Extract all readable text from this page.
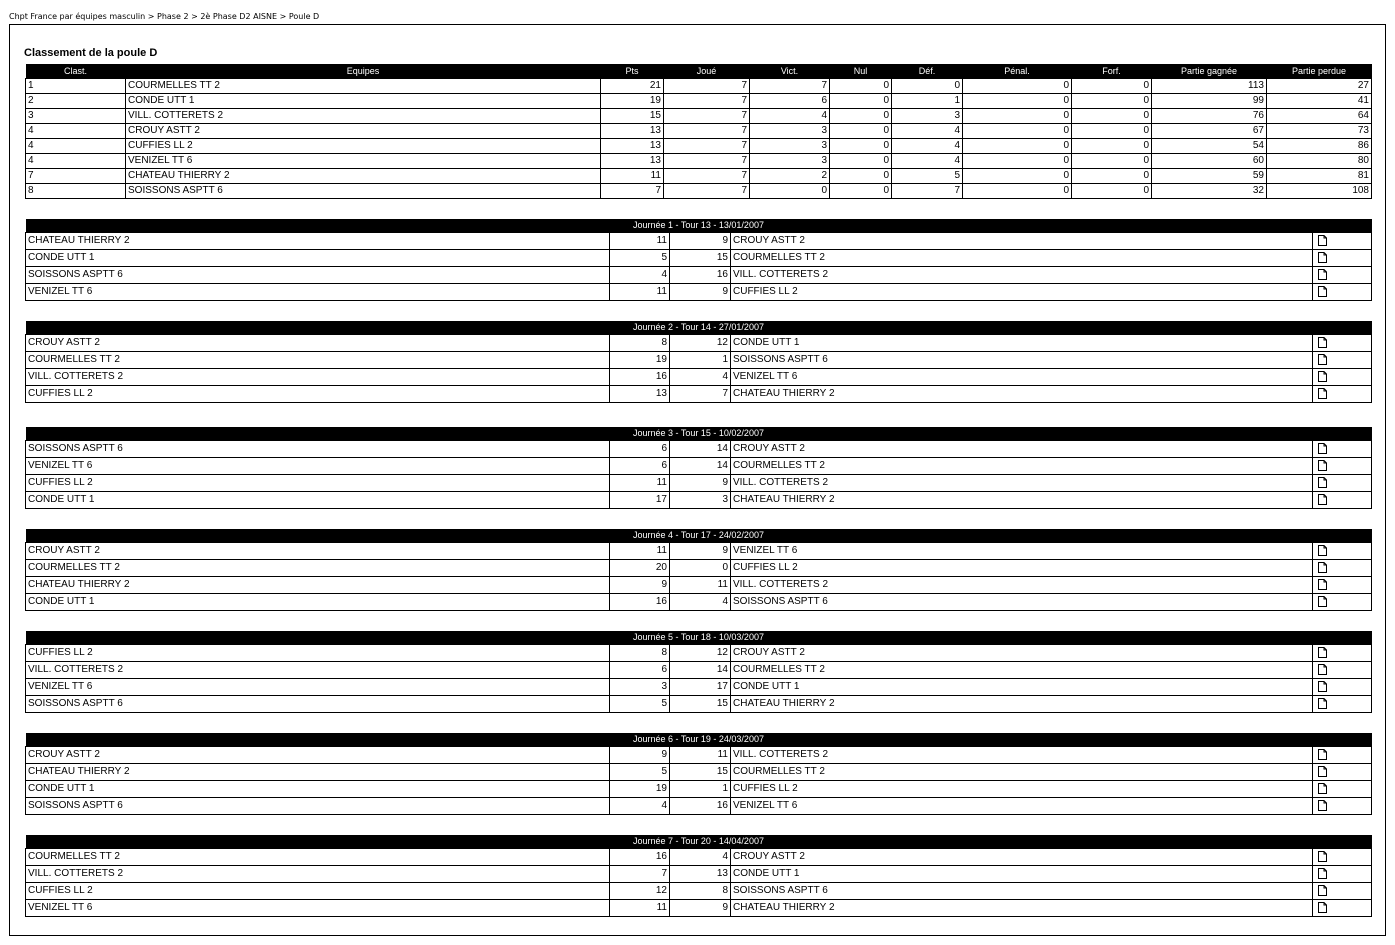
Chpt France par équipes masculin > Phase 2 > 2è Phase D2 AISNE > Poule D
Classement de la poule D
Clast.	Equipes	Pts	Joué	Vict.	Nul	Déf.	Pénal.	Forf.	Partie gagnée	Partie perdue
1	COURMELLES TT 2	21	7	7	0	0	0	0	113	27
2	CONDE UTT 1	19	7	6	0	1	0	0	99	41
3	VILL. COTTERETS 2	15	7	4	0	3	0	0	76	64
4	CROUY ASTT 2	13	7	3	0	4	0	0	67	73
4	CUFFIES LL 2	13	7	3	0	4	0	0	54	86
4	VENIZEL TT 6	13	7	3	0	4	0	0	60	80
7	CHATEAU THIERRY 2	11	7	2	0	5	0	0	59	81
8	SOISSONS ASPTT 6	7	7	0	0	7	0	0	32	108
Journée 1 - Tour 13 - 13/01/2007				
CHATEAU THIERRY 2	11	9	CROUY ASTT 2	
CONDE UTT 1	5	15	COURMELLES TT 2	
SOISSONS ASPTT 6	4	16	VILL. COTTERETS 2	
VENIZEL TT 6	11	9	CUFFIES LL 2	
Journée 2 - Tour 14 - 27/01/2007				
CROUY ASTT 2	8	12	CONDE UTT 1	
COURMELLES TT 2	19	1	SOISSONS ASPTT 6	
VILL. COTTERETS 2	16	4	VENIZEL TT 6	
CUFFIES LL 2	13	7	CHATEAU THIERRY 2	
Journée 3 - Tour 15 - 10/02/2007				
SOISSONS ASPTT 6	6	14	CROUY ASTT 2	
VENIZEL TT 6	6	14	COURMELLES TT 2	
CUFFIES LL 2	11	9	VILL. COTTERETS 2	
CONDE UTT 1	17	3	CHATEAU THIERRY 2	
Journée 4 - Tour 17 - 24/02/2007				
CROUY ASTT 2	11	9	VENIZEL TT 6	
COURMELLES TT 2	20	0	CUFFIES LL 2	
CHATEAU THIERRY 2	9	11	VILL. COTTERETS 2	
CONDE UTT 1	16	4	SOISSONS ASPTT 6	
Journée 5 - Tour 18 - 10/03/2007				
CUFFIES LL 2	8	12	CROUY ASTT 2	
VILL. COTTERETS 2	6	14	COURMELLES TT 2	
VENIZEL TT 6	3	17	CONDE UTT 1	
SOISSONS ASPTT 6	5	15	CHATEAU THIERRY 2	
Journée 6 - Tour 19 - 24/03/2007				
CROUY ASTT 2	9	11	VILL. COTTERETS 2	
CHATEAU THIERRY 2	5	15	COURMELLES TT 2	
CONDE UTT 1	19	1	CUFFIES LL 2	
SOISSONS ASPTT 6	4	16	VENIZEL TT 6	
Journée 7 - Tour 20 - 14/04/2007				
COURMELLES TT 2	16	4	CROUY ASTT 2	
VILL. COTTERETS 2	7	13	CONDE UTT 1	
CUFFIES LL 2	12	8	SOISSONS ASPTT 6	
VENIZEL TT 6	11	9	CHATEAU THIERRY 2	
